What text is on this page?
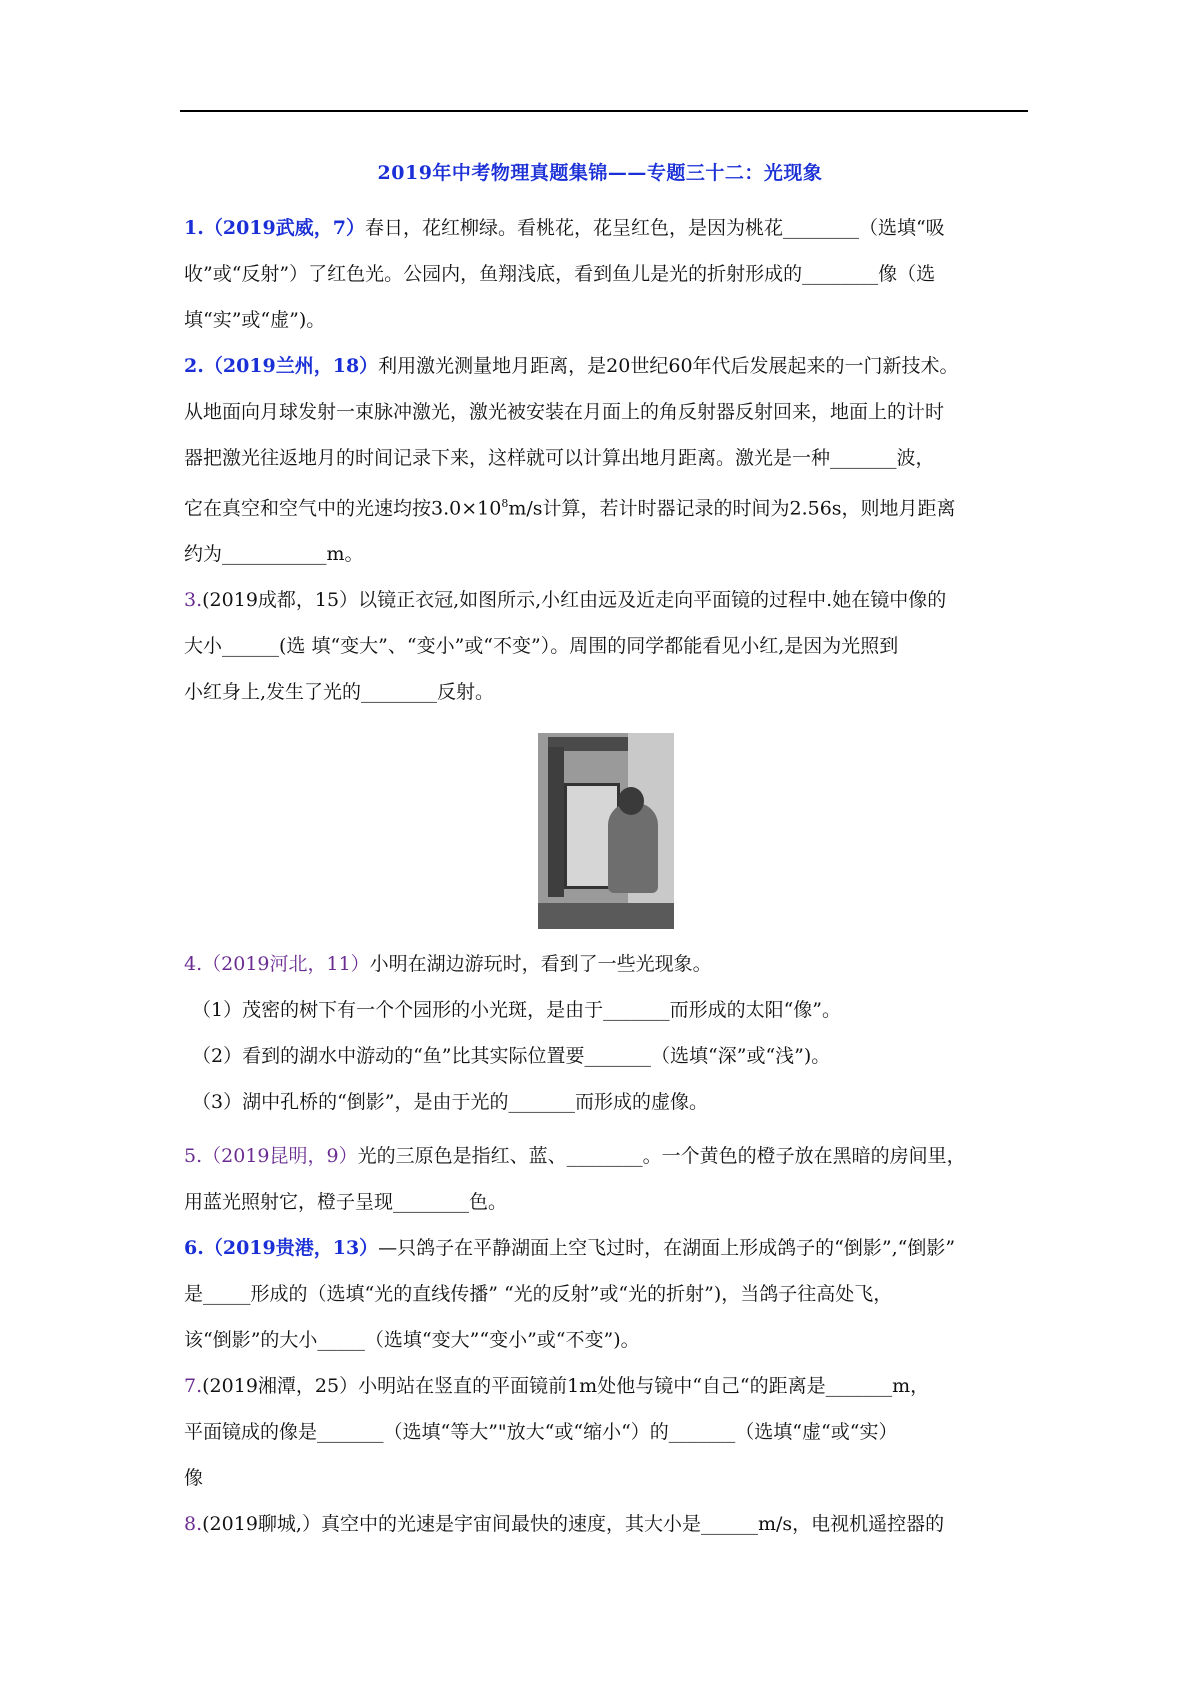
2019年中考物理真题集锦——专题三十二：光现象

1.（2019武威，7）春日，花红柳绿。看桃花，花呈红色，是因为桃花________（选填“吸

收”或“反射”）了红色光。公园内，鱼翔浅底，看到鱼儿是光的折射形成的________像（选

填“实”或“虚”)。

2.（2019兰州，18）利用激光测量地月距离，是20世纪60年代后发展起来的一门新技术。

从地面向月球发射一束脉冲激光，激光被安装在月面上的角反射器反射回来，地面上的计时

器把激光往返地月的时间记录下来，这样就可以计算出地月距离。激光是一种_______波，

它在真空和空气中的光速均按$3.0\times 10^8m/s$计算，若计时器记录的时间为2.56s，则地月距离

约为___________m。

3.(2019成都，15）以镜正衣冠,如图所示,小红由远及近走向平面镜的过程中.她在镜中像的

大小______(选 填“变大”、“变小”或“不变”）。周围的同学都能看见小红,是因为光照到

小红身上,发生了光的________反射。

4.（2019河北，11）小明在湖边游玩时，看到了一些光现象。

（1）茂密的树下有一个个园形的小光斑，是由于_______而形成的太阳“像”。

（2）看到的湖水中游动的“鱼”比其实际位置要_______（选填“深”或“浅”)。

（3）湖中孔桥的“倒影”，是由于光的_______而形成的虚像。

5.（2019昆明，9）光的三原色是指红、蓝、________。一个黄色的橙子放在黑暗的房间里，

用蓝光照射它，橙子呈现________色。

6.（2019贵港，13）—只鸽子在平静湖面上空飞过时，在湖面上形成鸽子的“倒影”,“倒影”

是_____形成的（选填“光的直线传播” “光的反射”或“光的折射”)，当鸽子往高处飞，

该“倒影”的大小_____（选填“变大”“变小”或“不变”)。

7.(2019湘潭，25）小明站在竖直的平面镜前1m处他与镜中“自己“的距离是_______m，

平面镜成的像是_______（选填“等大”"放大“或“缩小“）的_______（选填“虚“或“实）

像

8.(2019聊城,）真空中的光速是宇宙间最快的速度，其大小是______m/s，电视机遥控器的
